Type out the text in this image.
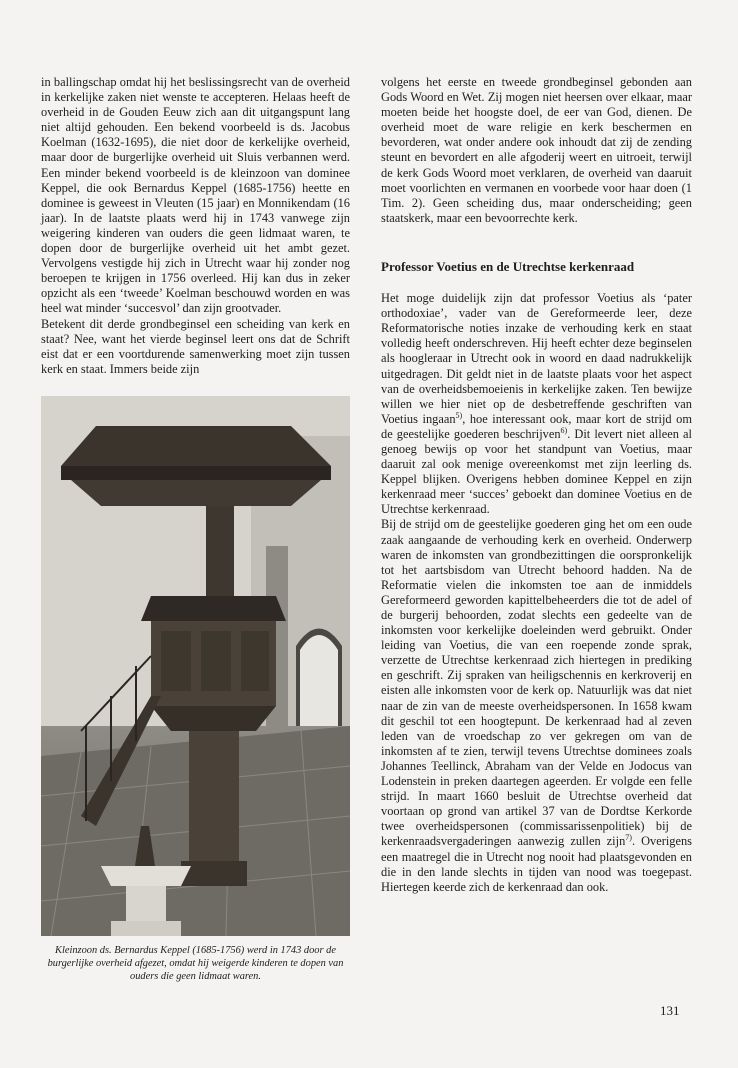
in ballingschap omdat hij het beslissingsrecht van de overheid in kerkelijke zaken niet wenste te accepteren. Helaas heeft de overheid in de Gouden Eeuw zich aan dit uitgangspunt lang niet altijd gehouden. Een bekend voorbeeld is ds. Jacobus Koelman (1632-1695), die niet door de kerkelijke overheid, maar door de burgerlijke overheid uit Sluis verbannen werd. Een minder bekend voorbeeld is de kleinzoon van dominee Keppel, die ook Bernardus Keppel (1685-1756) heette en dominee is geweest in Vleuten (15 jaar) en Monnikendam (16 jaar). In de laatste plaats werd hij in 1743 vanwege zijn weigering kinderen van ouders die geen lidmaat waren, te dopen door de burgerlijke overheid uit het ambt gezet. Vervolgens vestigde hij zich in Utrecht waar hij zonder nog beroepen te krijgen in 1756 overleed. Hij kan dus in zeker opzicht als een ‘tweede’ Koelman beschouwd worden en was heel wat minder ‘succesvol’ dan zijn grootvader.

Betekent dit derde grondbeginsel een scheiding van kerk en staat? Nee, want het vierde beginsel leert ons dat de Schrift eist dat er een voortdurende samenwerking moet zijn tussen kerk en staat. Immers beide zijn

Kleinzoon ds. Bernardus Keppel (1685-1756) werd in 1743 door de burgerlijke overheid afgezet, omdat hij weigerde kinderen te dopen van ouders die geen lidmaat waren.

volgens het eerste en tweede grondbeginsel gebonden aan Gods Woord en Wet. Zij mogen niet heersen over elkaar, maar moeten beide het hoogste doel, de eer van God, dienen. De overheid moet de ware religie en kerk beschermen en bevorderen, wat onder andere ook inhoudt dat zij de zending steunt en bevordert en alle afgoderij weert en uitroeit, terwijl de kerk Gods Woord moet verklaren, de overheid van daaruit moet voorlichten en vermanen en voorbede voor haar doen (1 Tim. 2). Geen scheiding dus, maar onderscheiding; geen staatskerk, maar een bevoorrechte kerk.

Professor Voetius en de Utrechtse kerkenraad

Het moge duidelijk zijn dat professor Voetius als ‘pater orthodoxiae’, vader van de Gereformeerde leer, deze Reformatorische noties inzake de verhouding kerk en staat volledig heeft onderschreven. Hij heeft echter deze beginselen als hoogleraar in Utrecht ook in woord en daad nadrukkelijk uitgedragen. Dit geldt niet in de laatste plaats voor het aspect van de overheidsbemoeienis in kerkelijke zaken. Ten bewijze willen we hier niet op de desbetreffende geschriften van Voetius ingaan$^{5)}$, hoe interessant ook, maar kort de strijd om de geestelijke goederen beschrijven$^{6)}$. Dit levert niet alleen al genoeg bewijs op voor het standpunt van Voetius, maar daaruit zal ook menige overeenkomst met zijn leerling ds. Keppel blijken. Overigens hebben dominee Keppel en zijn kerkenraad meer ‘succes’ geboekt dan dominee Voetius en de Utrechtse kerkenraad.

Bij de strijd om de geestelijke goederen ging het om een oude zaak aangaande de verhouding kerk en overheid. Onderwerp waren de inkomsten van grondbezittingen die oorspronkelijk tot het aartsbisdom van Utrecht behoord hadden. Na de Reformatie vielen die inkomsten toe aan de inmiddels Gereformeerd geworden kapittelbeheerders die tot de adel of de burgerij behoorden, zodat slechts een gedeelte van de inkomsten voor kerkelijke doeleinden werd gebruikt. Onder leiding van Voetius, die van een roepende zonde sprak, verzette de Utrechtse kerkenraad zich hiertegen in prediking en geschrift. Zij spraken van heiligschennis en kerkroverij en eisten alle inkomsten voor de kerk op. Natuurlijk was dat niet naar de zin van de meeste overheidspersonen. In 1658 kwam dit geschil tot een hoogtepunt. De kerkenraad had al zeven leden van de vroedschap zo ver gekregen om van de inkomsten af te zien, terwijl tevens Utrechtse dominees zoals Johannes Teellinck, Abraham van der Velde en Jodocus van Lodenstein in preken daartegen ageerden. Er volgde een felle strijd. In maart 1660 besluit de Utrechtse overheid dat voortaan op grond van artikel 37 van de Dordtse Kerkorde twee overheidspersonen (commissarissenpolitiek) bij de kerkenraadsvergaderingen aanwezig zullen zijn$^{7)}$. Overigens een maatregel die in Utrecht nog nooit had plaatsgevonden en die in den lande slechts in tijden van nood was toegepast. Hiertegen keerde zich de kerkenraad dan ook.

131
